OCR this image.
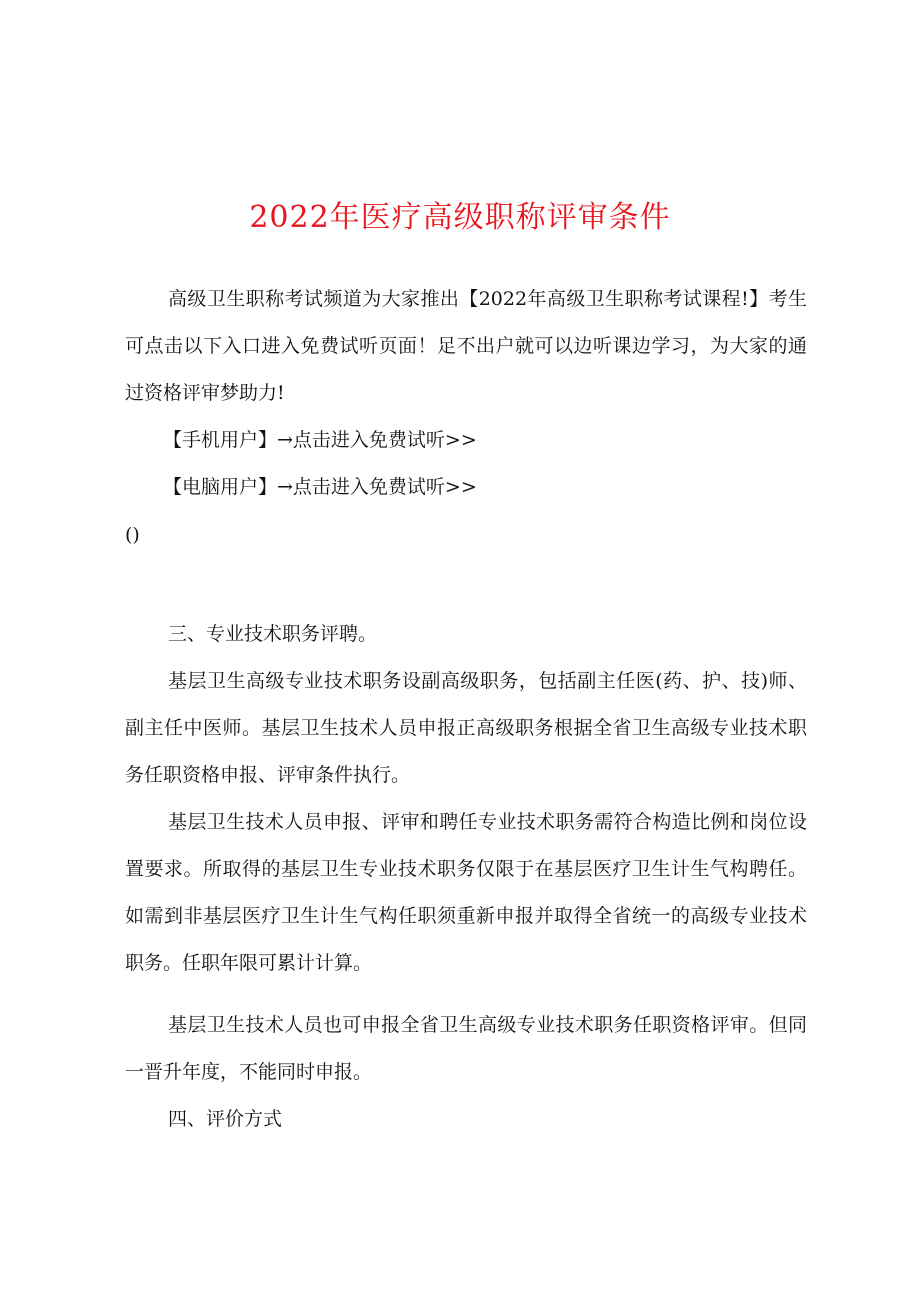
2022年医疗高级职称评审条件

高级卫生职称考试频道为大家推出【2022年高级卫生职称考试课程!】考生可点击以下入口进入免费试听页面！足不出户就可以边听课边学习，为大家的通过资格评审梦助力!

【手机用户】→点击进入免费试听>>

【电脑用户】→点击进入免费试听>>

()

三、专业技术职务评聘。

基层卫生高级专业技术职务设副高级职务，包括副主任医(药、护、技)师、副主任中医师。基层卫生技术人员申报正高级职务根据全省卫生高级专业技术职务任职资格申报、评审条件执行。

基层卫生技术人员申报、评审和聘任专业技术职务需符合构造比例和岗位设置要求。所取得的基层卫生专业技术职务仅限于在基层医疗卫生计生气构聘任。如需到非基层医疗卫生计生气构任职须重新申报并取得全省统一的高级专业技术职务。任职年限可累计计算。

基层卫生技术人员也可申报全省卫生高级专业技术职务任职资格评审。但同一晋升年度，不能同时申报。

四、评价方式
